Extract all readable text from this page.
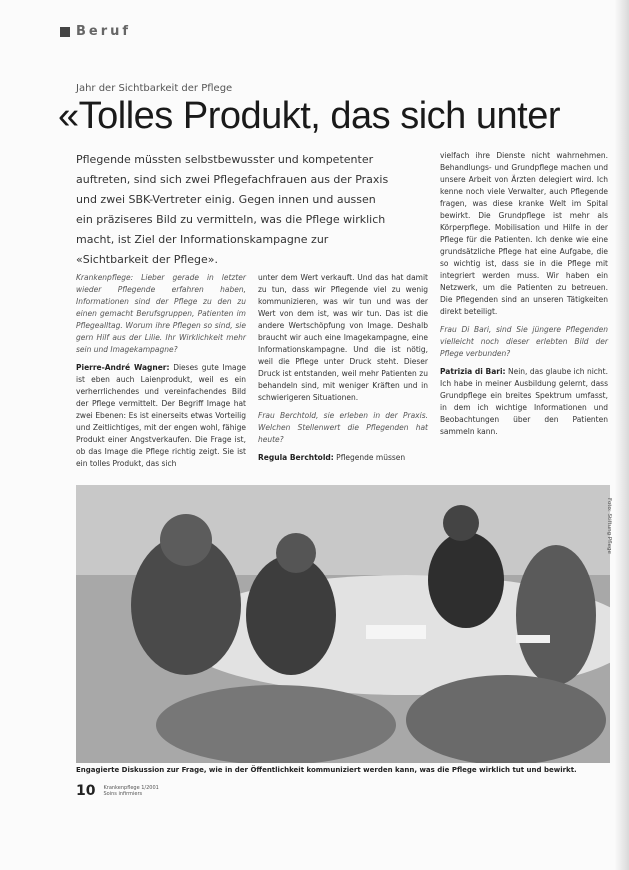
Beruf
Jahr der Sichtbarkeit der Pflege
«Tolles Produkt, das sich unter
Pflegende müssten selbstbewusster und kompetenter auftreten, sind sich zwei Pflegefachfrauen aus der Praxis und zwei SBK-Vertreter einig. Gegen innen und aussen ein präziseres Bild zu vermitteln, was die Pflege wirklich macht, ist Ziel der Informationskampagne zur «Sichtbarkeit der Pflege».

Krankenpflege: Lieber gerade in letzter wieder Pflegende erfahren haben, Informationen sind der Pflege zu den zu einen gemacht Berufsgruppen, Patienten im Pflegealltag. Worum ihre Pflegen so sind, sie gern Hilf aus der Lilie. Ihr Wirklichkeit mehr sein und Imagekampagne?

Pierre-André Wagner: Dieses gute Image ist eben auch Laienprodukt, weil es ein verherrlichendes und vereinfachendes Bild der Pflege vermittelt. Der Begriff Image hat zwei Ebenen: Es ist einerseits etwas Vorteilig und Zeitlichtiges, mit der engen wohl, fähige Produkt einer Angstverkaufen. Die Frage ist, ob das Image die Pflege richtig zeigt. Sie ist ein tolles Produkt, das sich

unter dem Wert verkauft. Und das hat damit zu tun, dass wir Pflegende viel zu wenig kommunizieren, was wir tun und was der Wert von dem ist, was wir tun. Das ist die andere Wertschöpfung von Image. Deshalb braucht wir auch eine Imagekampagne, eine Informationskampagne. Und die ist nötig, weil die Pflege unter Druck steht. Dieser Druck ist entstanden, weil mehr Patienten zu behandeln sind, mit weniger Kräften und in schwierigeren Situationen.

Frau Berchtold, sie erleben in der Praxis. Welchen Stellenwert die Pflegenden hat heute?

Regula Berchtold: Pflegende müssen

vielfach ihre Dienste nicht wahrnehmen. Behandlungs- und Grundpflege machen und unsere Arbeit von Ärzten delegiert wird. Ich kenne noch viele Verwalter, auch Pflegende fragen, was diese kranke Welt im Spital bewirkt. Die Grundpflege ist mehr als Körperpflege. Mobilisation und Hilfe in der Pflege für die Patienten. Ich denke wie eine grundsätzliche Pflege hat eine Aufgabe, die so wichtig ist, dass sie in die Pflege mit integriert werden muss. Wir haben ein Netzwerk, um die Patienten zu betreuen. Die Pflegenden sind an unseren Tätigkeiten direkt beteiligt.

Frau Di Bari, sind Sie jüngere Pflegenden vielleicht noch dieser erlebten Bild der Pflege verbunden?

Patrizia di Bari: Nein, das glaube ich nicht. Ich habe in meiner Ausbildung gelernt, dass Grundpflege ein breites Spektrum umfasst, in dem ich wichtige Informationen und Beobachtungen über den Patienten sammeln kann.

Foto: Stiftung Pflege
Engagierte Diskussion zur Frage, wie in der Öffentlichkeit kommuniziert werden kann, was die Pflege wirklich tut und bewirkt.
10 Krankenpflege 1/2001
Soins infirmiers
